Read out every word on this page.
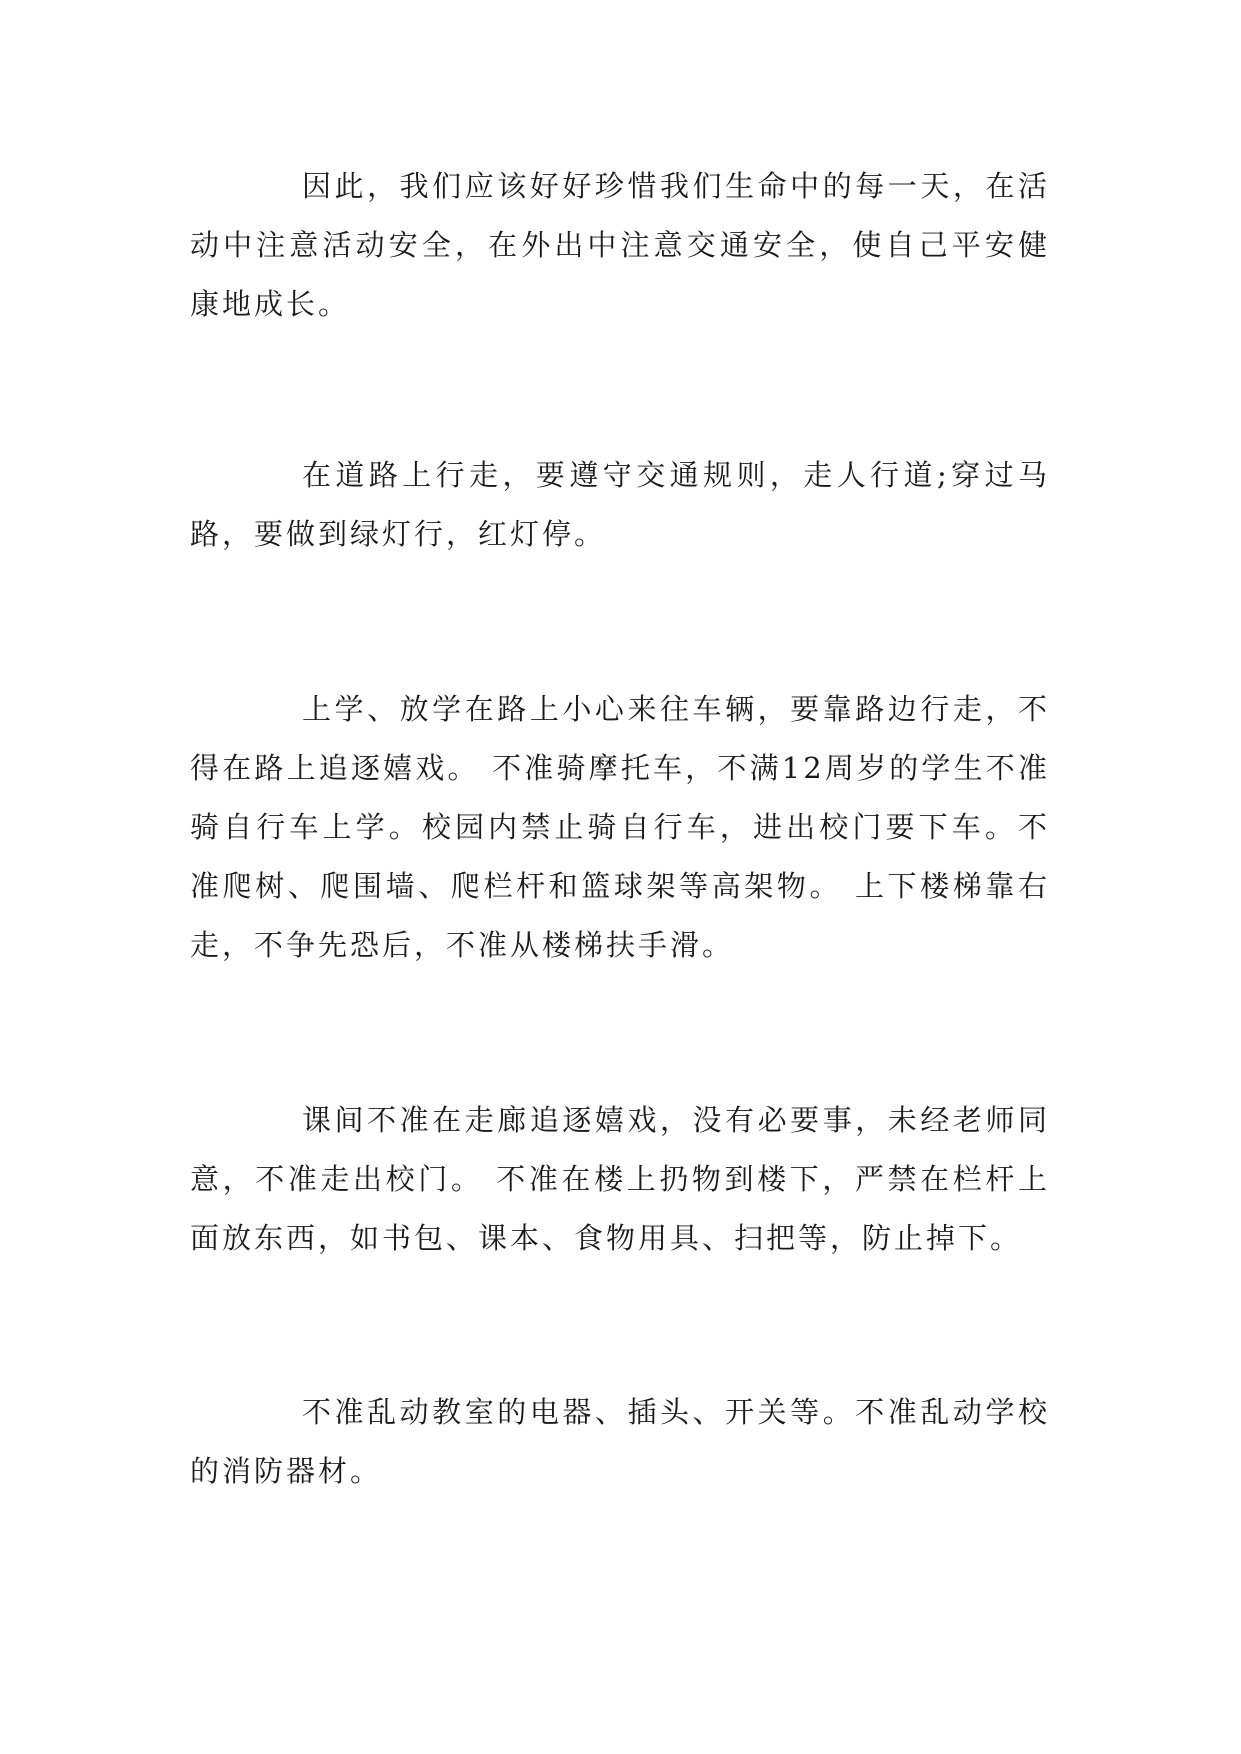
因此，我们应该好好珍惜我们生命中的每一天，在活动中注意活动安全，在外出中注意交通安全，使自己平安健康地成长。

在道路上行走，要遵守交通规则，走人行道;穿过马路，要做到绿灯行，红灯停。

上学、放学在路上小心来往车辆，要靠路边行走，不得在路上追逐嬉戏。 不准骑摩托车，不满12周岁的学生不准骑自行车上学。校园内禁止骑自行车，进出校门要下车。不准爬树、爬围墙、爬栏杆和篮球架等高架物。 上下楼梯靠右走，不争先恐后，不准从楼梯扶手滑。

课间不准在走廊追逐嬉戏，没有必要事，未经老师同意，不准走出校门。 不准在楼上扔物到楼下，严禁在栏杆上面放东西，如书包、课本、食物用具、扫把等，防止掉下。

不准乱动教室的电器、插头、开关等。不准乱动学校的消防器材。
